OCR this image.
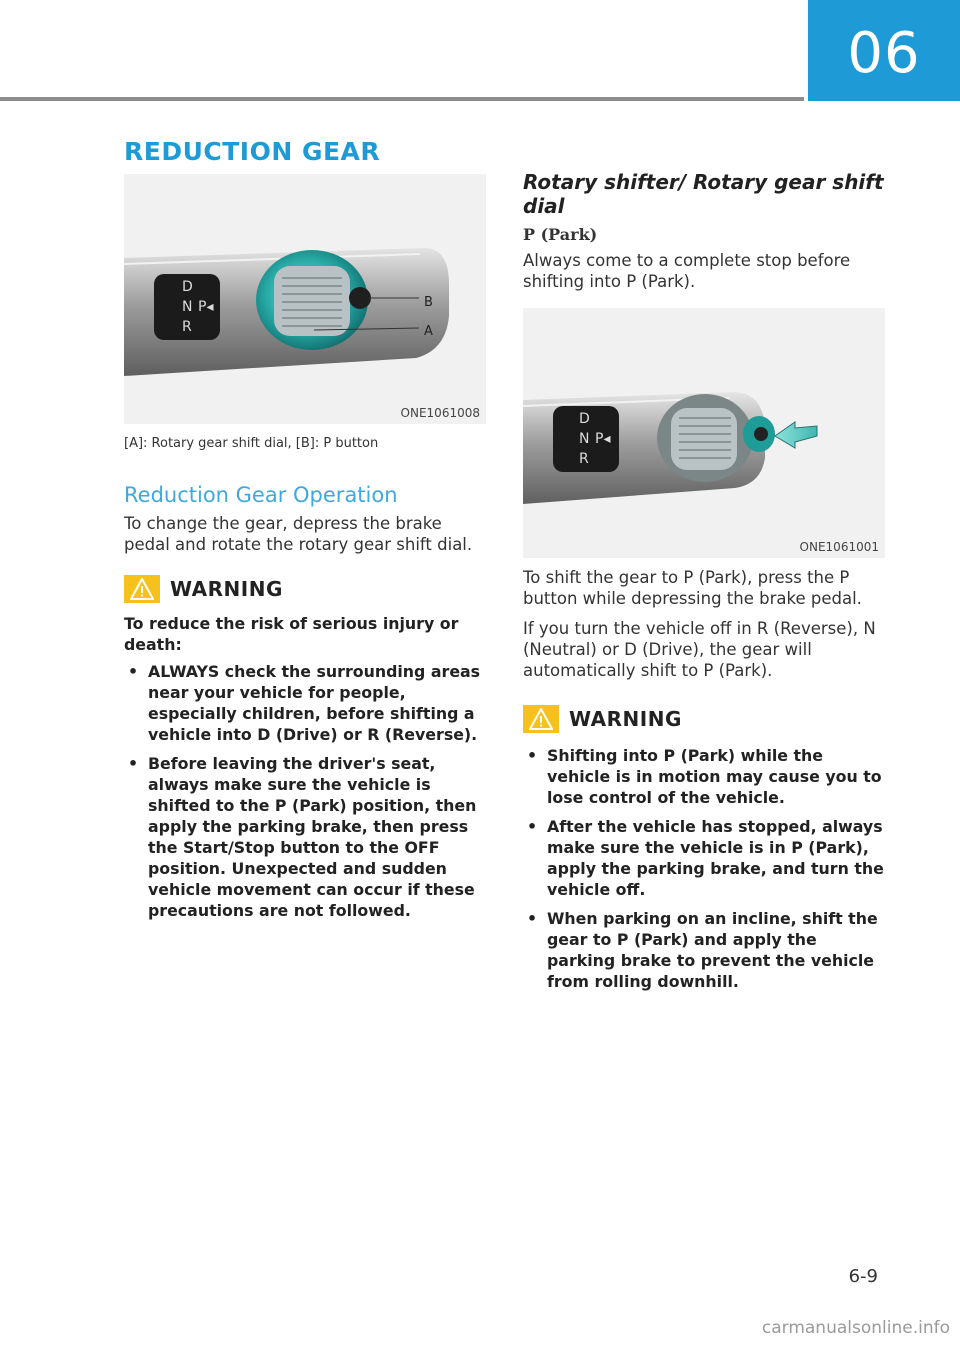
06
REDUCTION GEAR
D
N P◂
R
B
A
ONE1061008

[A]: Rotary gear shift dial, [B]: P button

Reduction Gear Operation

To change the gear, depress the brake pedal and rotate the rotary gear shift dial.

WARNING

To reduce the risk of serious injury or death:

• ALWAYS check the surrounding areas near your vehicle for people, especially children, before shifting a vehicle into D (Drive) or R (Reverse).
• Before leaving the driver's seat, always make sure the vehicle is shifted to the P (Park) position, then apply the parking brake, then press the Start/Stop button to the OFF position. Unexpected and sudden vehicle movement can occur if these precautions are not followed.
Rotary shifter/ Rotary gear shift dial
P (Park)

Always come to a complete stop before shifting into P (Park).

D
N P◂
R
ONE1061001

To shift the gear to P (Park), press the P button while depressing the brake pedal.

If you turn the vehicle off in R (Reverse), N (Neutral) or D (Drive), the gear will automatically shift to P (Park).

WARNING
• Shifting into P (Park) while the vehicle is in motion may cause you to lose control of the vehicle.
• After the vehicle has stopped, always make sure the vehicle is in P (Park), apply the parking brake, and turn the vehicle off.
• When parking on an incline, shift the gear to P (Park) and apply the parking brake to prevent the vehicle from rolling downhill.
6-9
carmanualsonline.info
